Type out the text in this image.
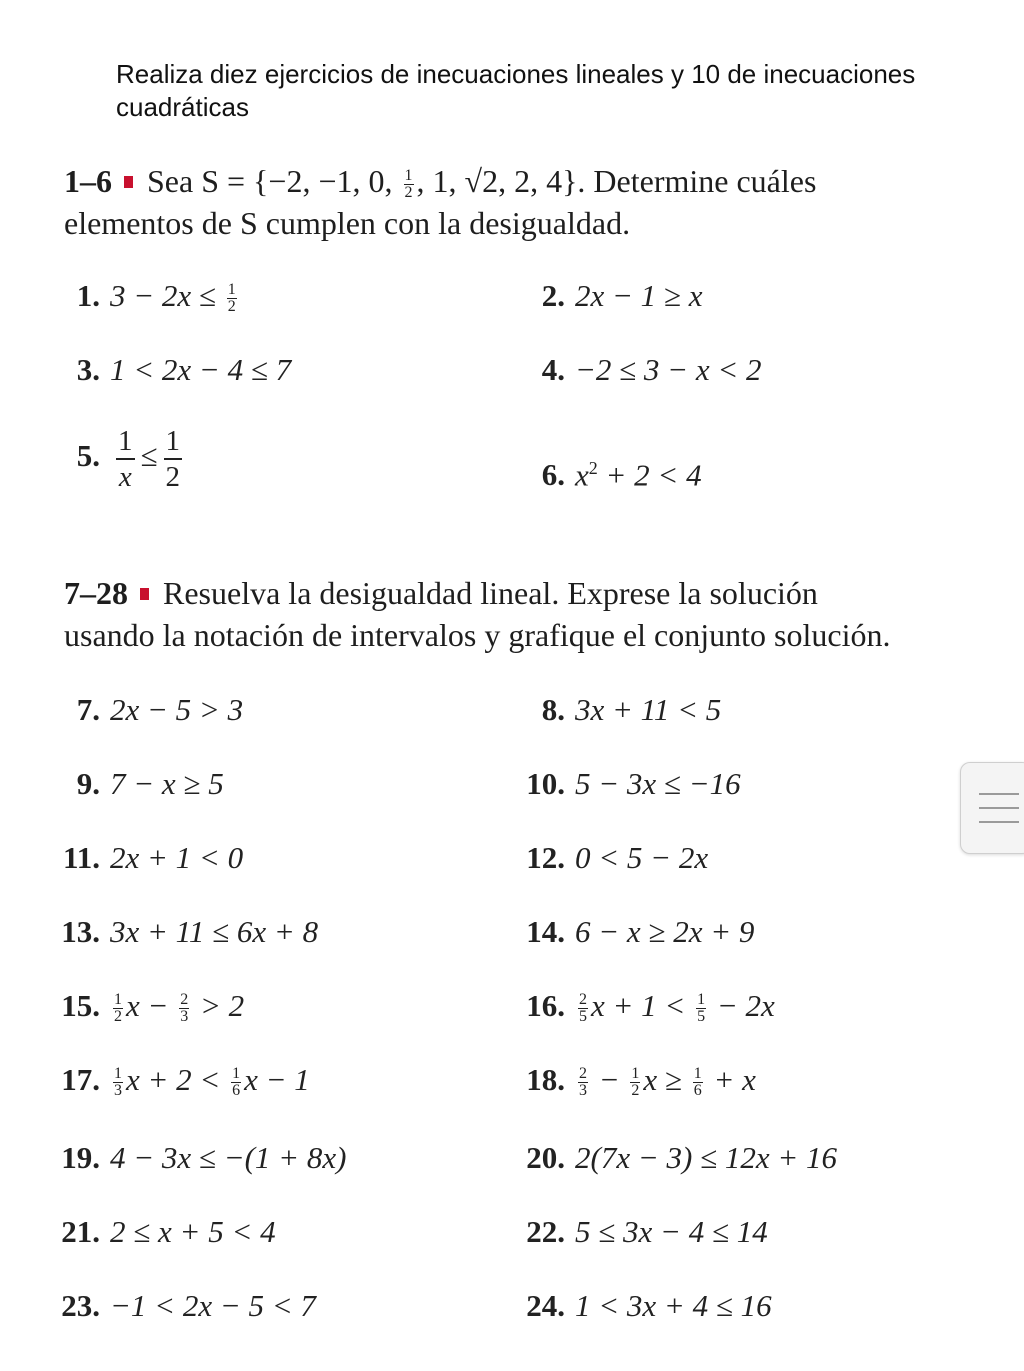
Realiza diez ejercicios de inecuaciones lineales y 10 de inecuaciones cuadráticas
1–6 Sea S = {−2, −1, 0, $\frac{1}{2}$ , 1, √2, 2, 4}. Determine cuáles
elementos de S cumplen con la desigualdad.
7–28 Resuelva la desigualdad lineal. Exprese la solución
usando la notación de intervalos y grafique el conjunto solución.
1. $3 - 2x \le \frac{1}{2}$	2. 2x − 1 ≥ x
3. 1 < 2x − 4 ≤ 7	4. −2 ≤ 3 − x < 2
5. $\frac{1}{x} \le \frac{1}{2}$	6. $x^2 + 2 < 4$
7. 2x − 5 > 3	8. 3x + 11 < 5
9. 7 − x ≥ 5	10. 5 − 3x ≤ −16
11. 2x + 1 < 0	12. 0 < 5 − 2x
13. 3x + 11 ≤ 6x + 8	14. 6 − x ≥ 2x + 9
15. $\frac{1}{2}$ $x - \frac{2}{3} > 2$	16. $\frac{2}{5}$ $x + 1 < \frac{1}{5} - 2x$
17. $\frac{1}{3}$ $x + 2 < \frac{1}{6}$ x − 1	18. $\frac{2}{3} - \frac{1}{2}$ $x \ge \frac{1}{6} + x$
19. 4 − 3x ≤ −(1 + 8x)	20. 2(7x − 3) ≤ 12x + 16
21. 2 ≤ x + 5 < 4	22. 5 ≤ 3x − 4 ≤ 14
23. −1 < 2x − 5 < 7	24. 1 < 3x + 4 ≤ 16
